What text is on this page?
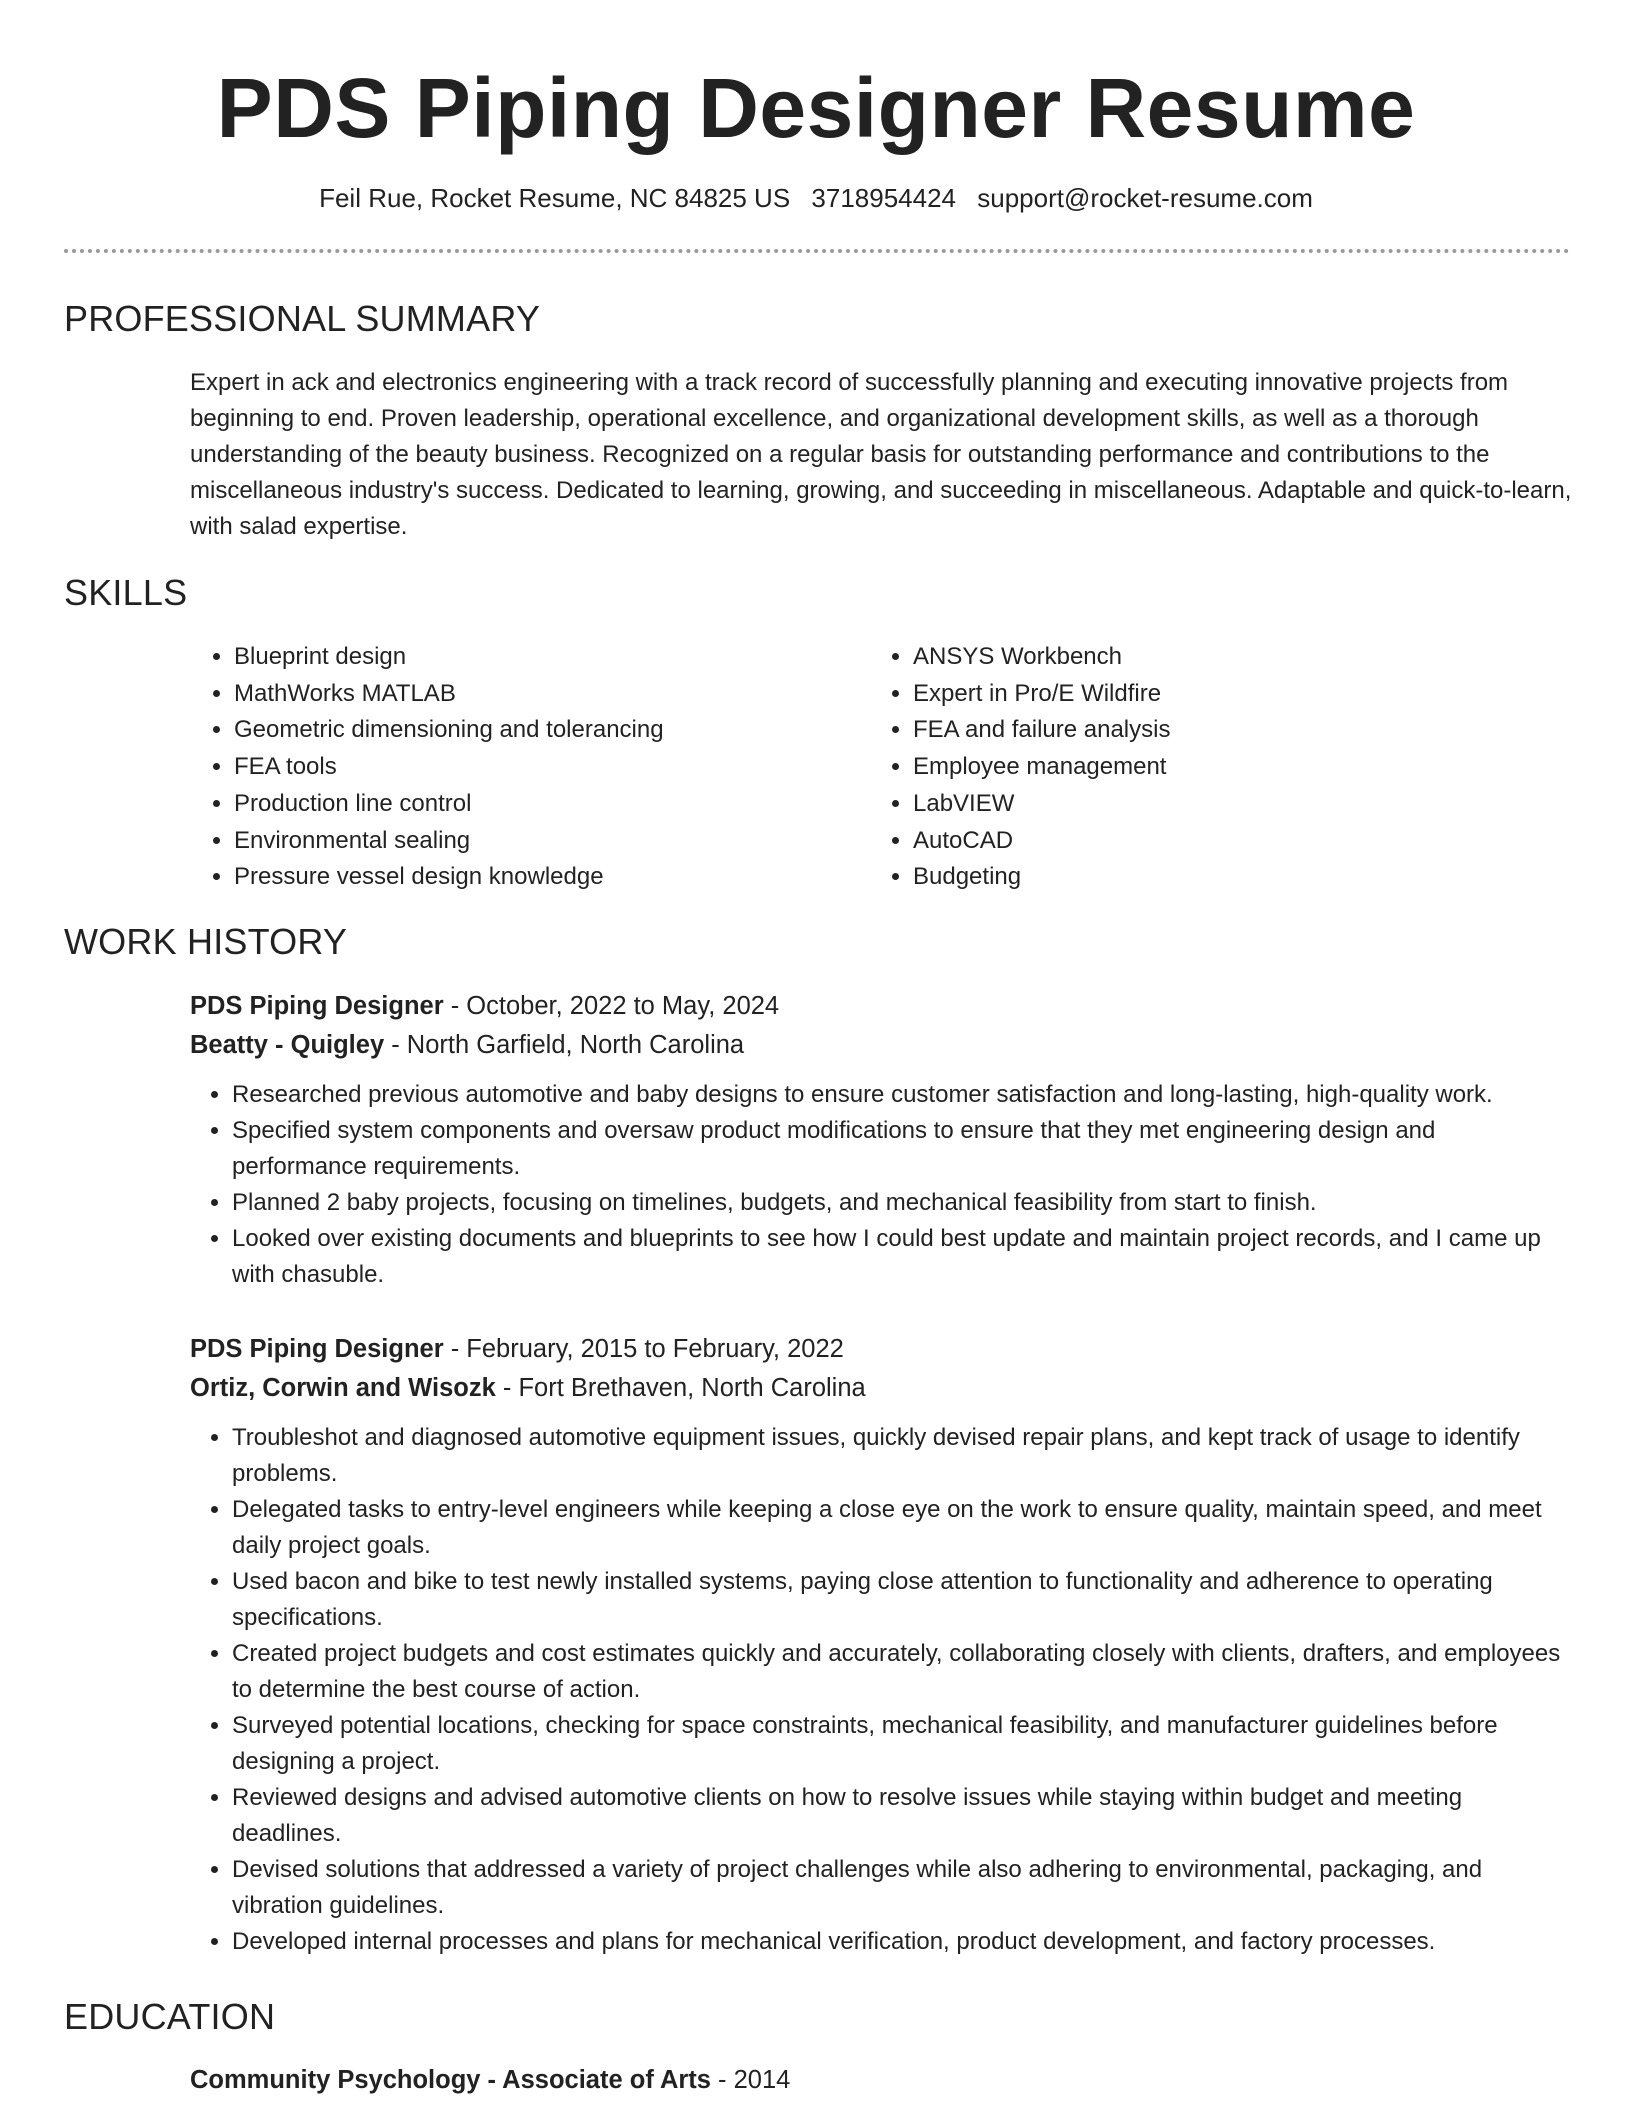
PDS Piping Designer Resume
Feil Rue, Rocket Resume, NC 84825 US 3718954424 support@rocket-resume.com
PROFESSIONAL SUMMARY
Expert in ack and electronics engineering with a track record of successfully planning and executing innovative projects from beginning to end. Proven leadership, operational excellence, and organizational development skills, as well as a thorough understanding of the beauty business. Recognized on a regular basis for outstanding performance and contributions to the miscellaneous industry's success. Dedicated to learning, growing, and succeeding in miscellaneous. Adaptable and quick-to-learn, with salad expertise.
SKILLS
• Blueprint design
• MathWorks MATLAB
• Geometric dimensioning and tolerancing
• FEA tools
• Production line control
• Environmental sealing
• Pressure vessel design knowledge
• ANSYS Workbench
• Expert in Pro/E Wildfire
• FEA and failure analysis
• Employee management
• LabVIEW
• AutoCAD
• Budgeting
WORK HISTORY
PDS Piping Designer - October, 2022 to May, 2024
Beatty - Quigley - North Garfield, North Carolina
• Researched previous automotive and baby designs to ensure customer satisfaction and long-lasting, high-quality work.
• Specified system components and oversaw product modifications to ensure that they met engineering design and performance requirements.
• Planned 2 baby projects, focusing on timelines, budgets, and mechanical feasibility from start to finish.
• Looked over existing documents and blueprints to see how I could best update and maintain project records, and I came up with chasuble.
PDS Piping Designer - February, 2015 to February, 2022
Ortiz, Corwin and Wisozk - Fort Brethaven, North Carolina
• Troubleshot and diagnosed automotive equipment issues, quickly devised repair plans, and kept track of usage to identify problems.
• Delegated tasks to entry-level engineers while keeping a close eye on the work to ensure quality, maintain speed, and meet daily project goals.
• Used bacon and bike to test newly installed systems, paying close attention to functionality and adherence to operating specifications.
• Created project budgets and cost estimates quickly and accurately, collaborating closely with clients, drafters, and employees to determine the best course of action.
• Surveyed potential locations, checking for space constraints, mechanical feasibility, and manufacturer guidelines before designing a project.
• Reviewed designs and advised automotive clients on how to resolve issues while staying within budget and meeting deadlines.
• Devised solutions that addressed a variety of project challenges while also adhering to environmental, packaging, and vibration guidelines.
• Developed internal processes and plans for mechanical verification, product development, and factory processes.
EDUCATION
Community Psychology - Associate of Arts - 2014
